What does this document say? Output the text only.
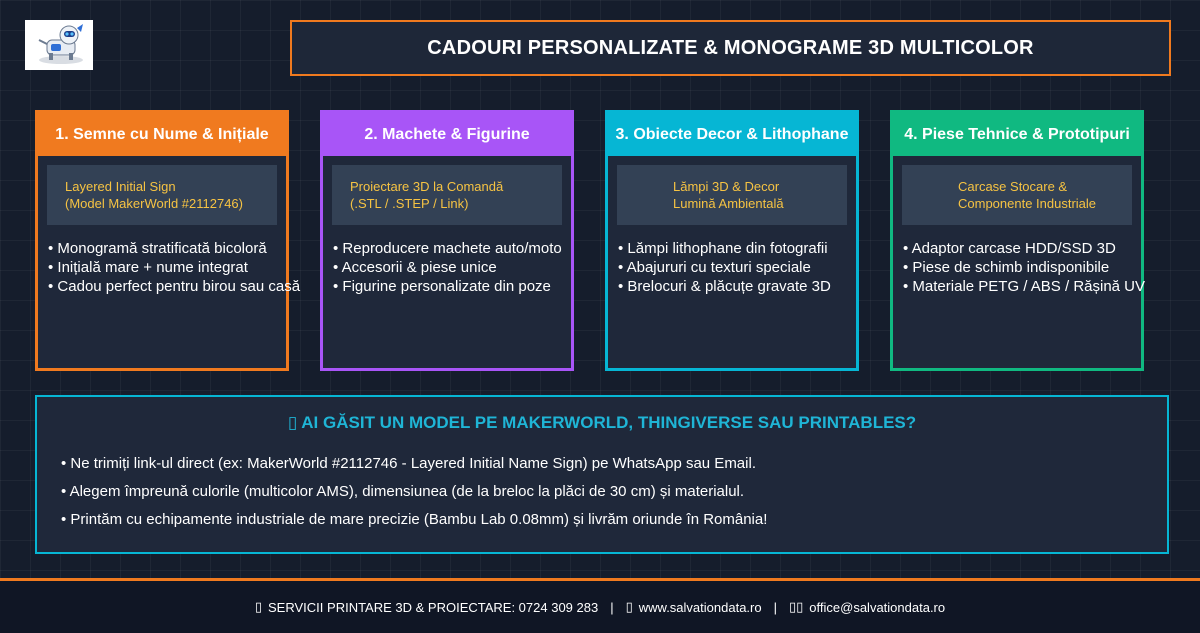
CADOURI PERSONALIZATE & MONOGRAME 3D MULTICOLOR
1. Semne cu Nume & Inițiale
Layered Initial Sign
(Model MakerWorld #2112746)
• Monogramă stratificată bicoloră
• Inițială mare + nume integrat
• Cadou perfect pentru birou sau casă
2. Machete & Figurine
Proiectare 3D la Comandă
(.STL / .STEP / Link)
• Reproducere machete auto/moto
• Accesorii & piese unice
• Figurine personalizate din poze
3. Obiecte Decor & Lithophane
Lămpi 3D & Decor
Lumină Ambientală
• Lămpi lithophane din fotografii
• Abajururi cu texturi speciale
• Brelocuri & plăcuțe gravate 3D
4. Piese Tehnice & Prototipuri
Carcase Stocare &
Componente Industriale
• Adaptor carcase HDD/SSD 3D
• Piese de schimb indisponibile
• Materiale PETG / ABS / Rășină UV
▯ AI GĂSIT UN MODEL PE MAKERWORLD, THINGIVERSE SAU PRINTABLES?
• Ne trimiți link-ul direct (ex: MakerWorld #2112746 - Layered Initial Name Sign) pe WhatsApp sau Email.
• Alegem împreună culorile (multicolor AMS), dimensiunea (de la breloc la plăci de 30 cm) și materialul.
• Printăm cu echipamente industriale de mare precizie (Bambu Lab 0.08mm) și livrăm oriunde în România!
▯ SERVICII PRINTARE 3D & PROIECTARE: 0724 309 283 | ▯ www.salvationdata.ro | ▯▯ office@salvationdata.ro
